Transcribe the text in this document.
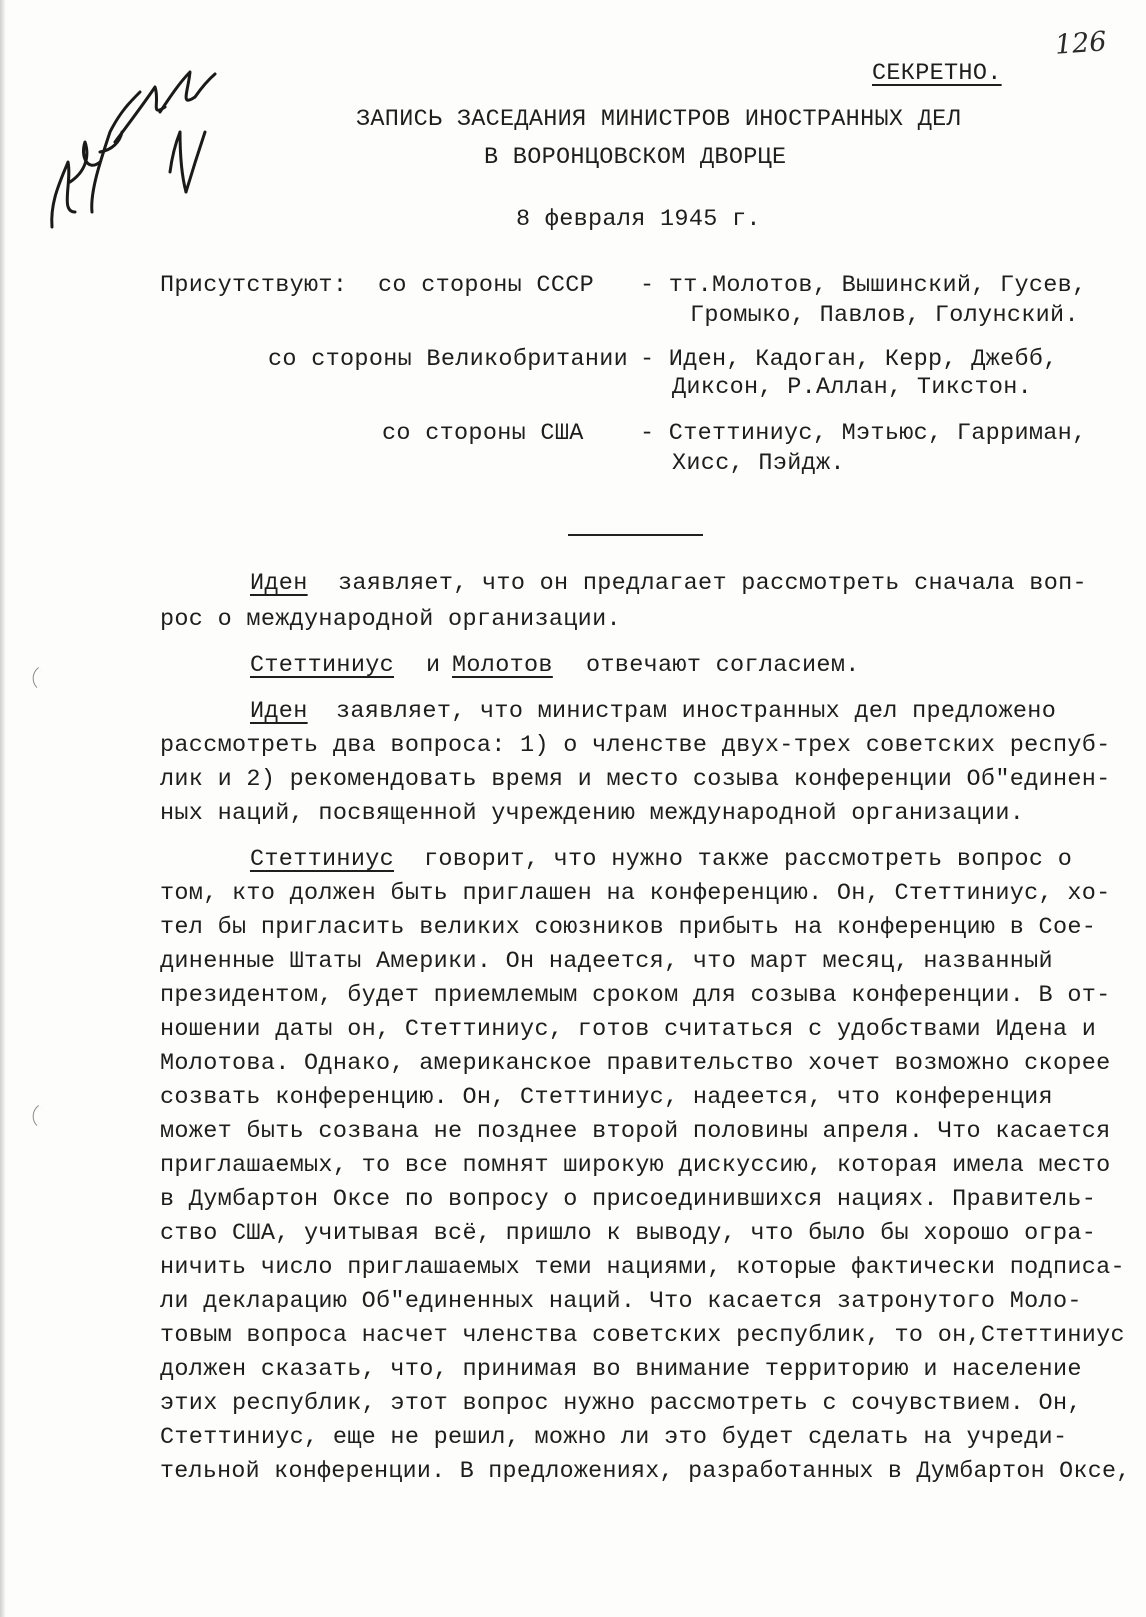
126
СЕКРЕТНО.
ЗАПИСЬ ЗАСЕДАНИЯ МИНИСТРОВ ИНОСТРАННЫХ ДЕЛ
В ВОРОНЦОВСКОМ ДВОРЦЕ
8 февраля 1945 г.
Присутствуют: со стороны СССР - тт.Молотов, Вышинский, Гусев,
Громыко, Павлов, Голунский.
со стороны Великобритании - Иден, Кадоган, Керр, Джебб,
Диксон, Р.Аллан, Тикстон.
со стороны США - Стеттиниус, Мэтьюс, Гарриман,
Хисс, Пэйдж.
Иден заявляет, что он предлагает рассмотреть сначала воп-
рос о международной организации.
Стеттиниус и Молотов отвечают согласием.
Иден заявляет, что министрам иностранных дел предложено
рассмотреть два вопроса: 1) о членстве двух-трех советских респуб-
лик и 2) рекомендовать время и место созыва конференции Об"единен-
ных наций, посвященной учреждению международной организации.
Стеттиниус говорит, что нужно также рассмотреть вопрос о
том, кто должен быть приглашен на конференцию. Он, Стеттиниус, хо-
тел бы пригласить великих союзников прибыть на конференцию в Сое-
диненные Штаты Америки. Он надеется, что март месяц, названный
президентом, будет приемлемым сроком для созыва конференции. В от-
ношении даты он, Стеттиниус, готов считаться с удобствами Идена и
Молотова. Однако, американское правительство хочет возможно скорее
созвать конференцию. Он, Стеттиниус, надеется, что конференция
может быть созвана не позднее второй половины апреля. Что касается
приглашаемых, то все помнят широкую дискуссию, которая имела место
в Думбартон Оксе по вопросу о присоединившихся нациях. Правитель-
ство США, учитывая всё, пришло к выводу, что было бы хорошо огра-
ничить число приглашаемых теми нациями, которые фактически подписа-
ли декларацию Об"единенных наций. Что касается затронутого Моло-
товым вопроса насчет членства советских республик, то он,Стеттиниус
должен сказать, что, принимая во внимание территорию и население
этих республик, этот вопрос нужно рассмотреть с сочувствием. Он,
Стеттиниус, еще не решил, можно ли это будет сделать на учреди-
тельной конференции. В предложениях, разработанных в Думбартон Оксе,
